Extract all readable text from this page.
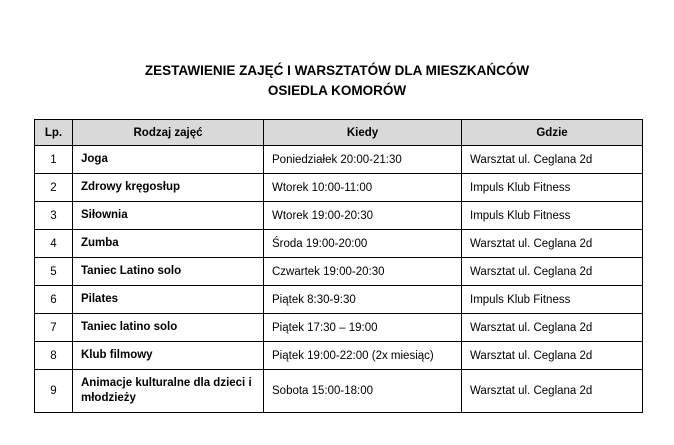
ZESTAWIENIE ZAJĘĆ I WARSZTATÓW DLA MIESZKAŃCÓW
OSIEDLA KOMORÓW
Lp.	Rodzaj zajęć	Kiedy	Gdzie
1	Joga	Poniedziałek 20:00-21:30	Warsztat ul. Ceglana 2d
2	Zdrowy kręgosłup	Wtorek 10:00-11:00	Impuls Klub Fitness
3	Siłownia	Wtorek 19:00-20:30	Impuls Klub Fitness
4	Zumba	Środa 19:00-20:00	Warsztat ul. Ceglana 2d
5	Taniec Latino solo	Czwartek 19:00-20:30	Warsztat ul. Ceglana 2d
6	Pilates	Piątek 8:30-9:30	Impuls Klub Fitness
7	Taniec latino solo	Piątek 17:30 – 19:00	Warsztat ul. Ceglana 2d
8	Klub filmowy	Piątek 19:00-22:00 (2x miesiąc)	Warsztat ul. Ceglana 2d
9	Animacje kulturalne dla dzieci i młodzieży	Sobota 15:00-18:00	Warsztat ul. Ceglana 2d
